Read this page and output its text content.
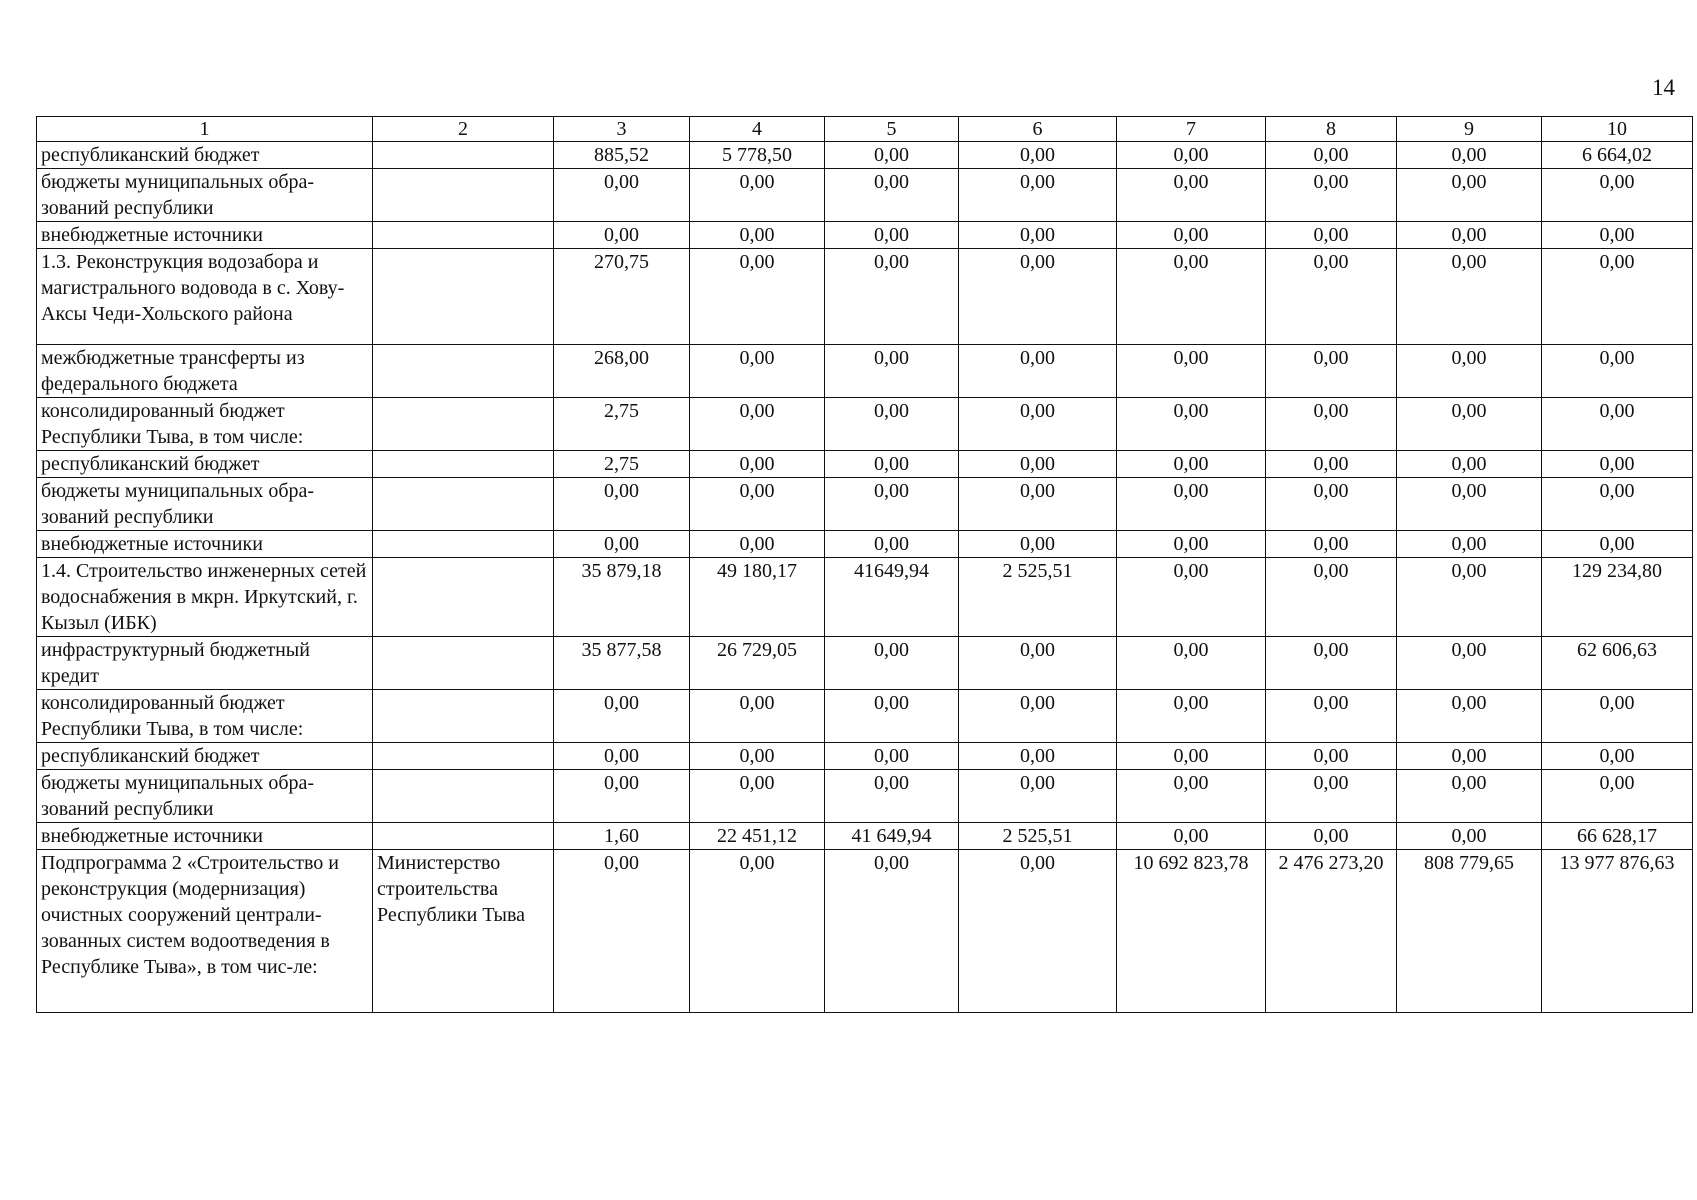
14
1	2	3	4	5	6	7	8	9	10
республиканский бюджет		885,52	5 778,50	0,00	0,00	0,00	0,00	0,00	6 664,02
бюджеты муниципальных обра-зований республики		0,00	0,00	0,00	0,00	0,00	0,00	0,00	0,00
внебюджетные источники		0,00	0,00	0,00	0,00	0,00	0,00	0,00	0,00
1.3. Реконструкция водозабора и магистрального водовода в с. Хову-Аксы Чеди-Хольского района		270,75	0,00	0,00	0,00	0,00	0,00	0,00	0,00
межбюджетные трансферты из федерального бюджета		268,00	0,00	0,00	0,00	0,00	0,00	0,00	0,00
консолидированный бюджет Республики Тыва, в том числе:		2,75	0,00	0,00	0,00	0,00	0,00	0,00	0,00
республиканский бюджет		2,75	0,00	0,00	0,00	0,00	0,00	0,00	0,00
бюджеты муниципальных обра-зований республики		0,00	0,00	0,00	0,00	0,00	0,00	0,00	0,00
внебюджетные источники		0,00	0,00	0,00	0,00	0,00	0,00	0,00	0,00
1.4. Строительство инженерных сетей водоснабжения в мкрн. Иркутский, г. Кызыл (ИБК)		35 879,18	49 180,17	41649,94	2 525,51	0,00	0,00	0,00	129 234,80
инфраструктурный бюджетный кредит		35 877,58	26 729,05	0,00	0,00	0,00	0,00	0,00	62 606,63
консолидированный бюджет Республики Тыва, в том числе:		0,00	0,00	0,00	0,00	0,00	0,00	0,00	0,00
республиканский бюджет		0,00	0,00	0,00	0,00	0,00	0,00	0,00	0,00
бюджеты муниципальных обра-зований республики		0,00	0,00	0,00	0,00	0,00	0,00	0,00	0,00
внебюджетные источники		1,60	22 451,12	41 649,94	2 525,51	0,00	0,00	0,00	66 628,17
Подпрограмма 2 «Строительство и реконструкция (модернизация) очистных сооружений централи-зованных систем водоотведения в Республике Тыва», в том чис-ле:	Министерство строительства Республики Тыва	0,00	0,00	0,00	0,00	10 692 823,78	2 476 273,20	808 779,65	13 977 876,63
